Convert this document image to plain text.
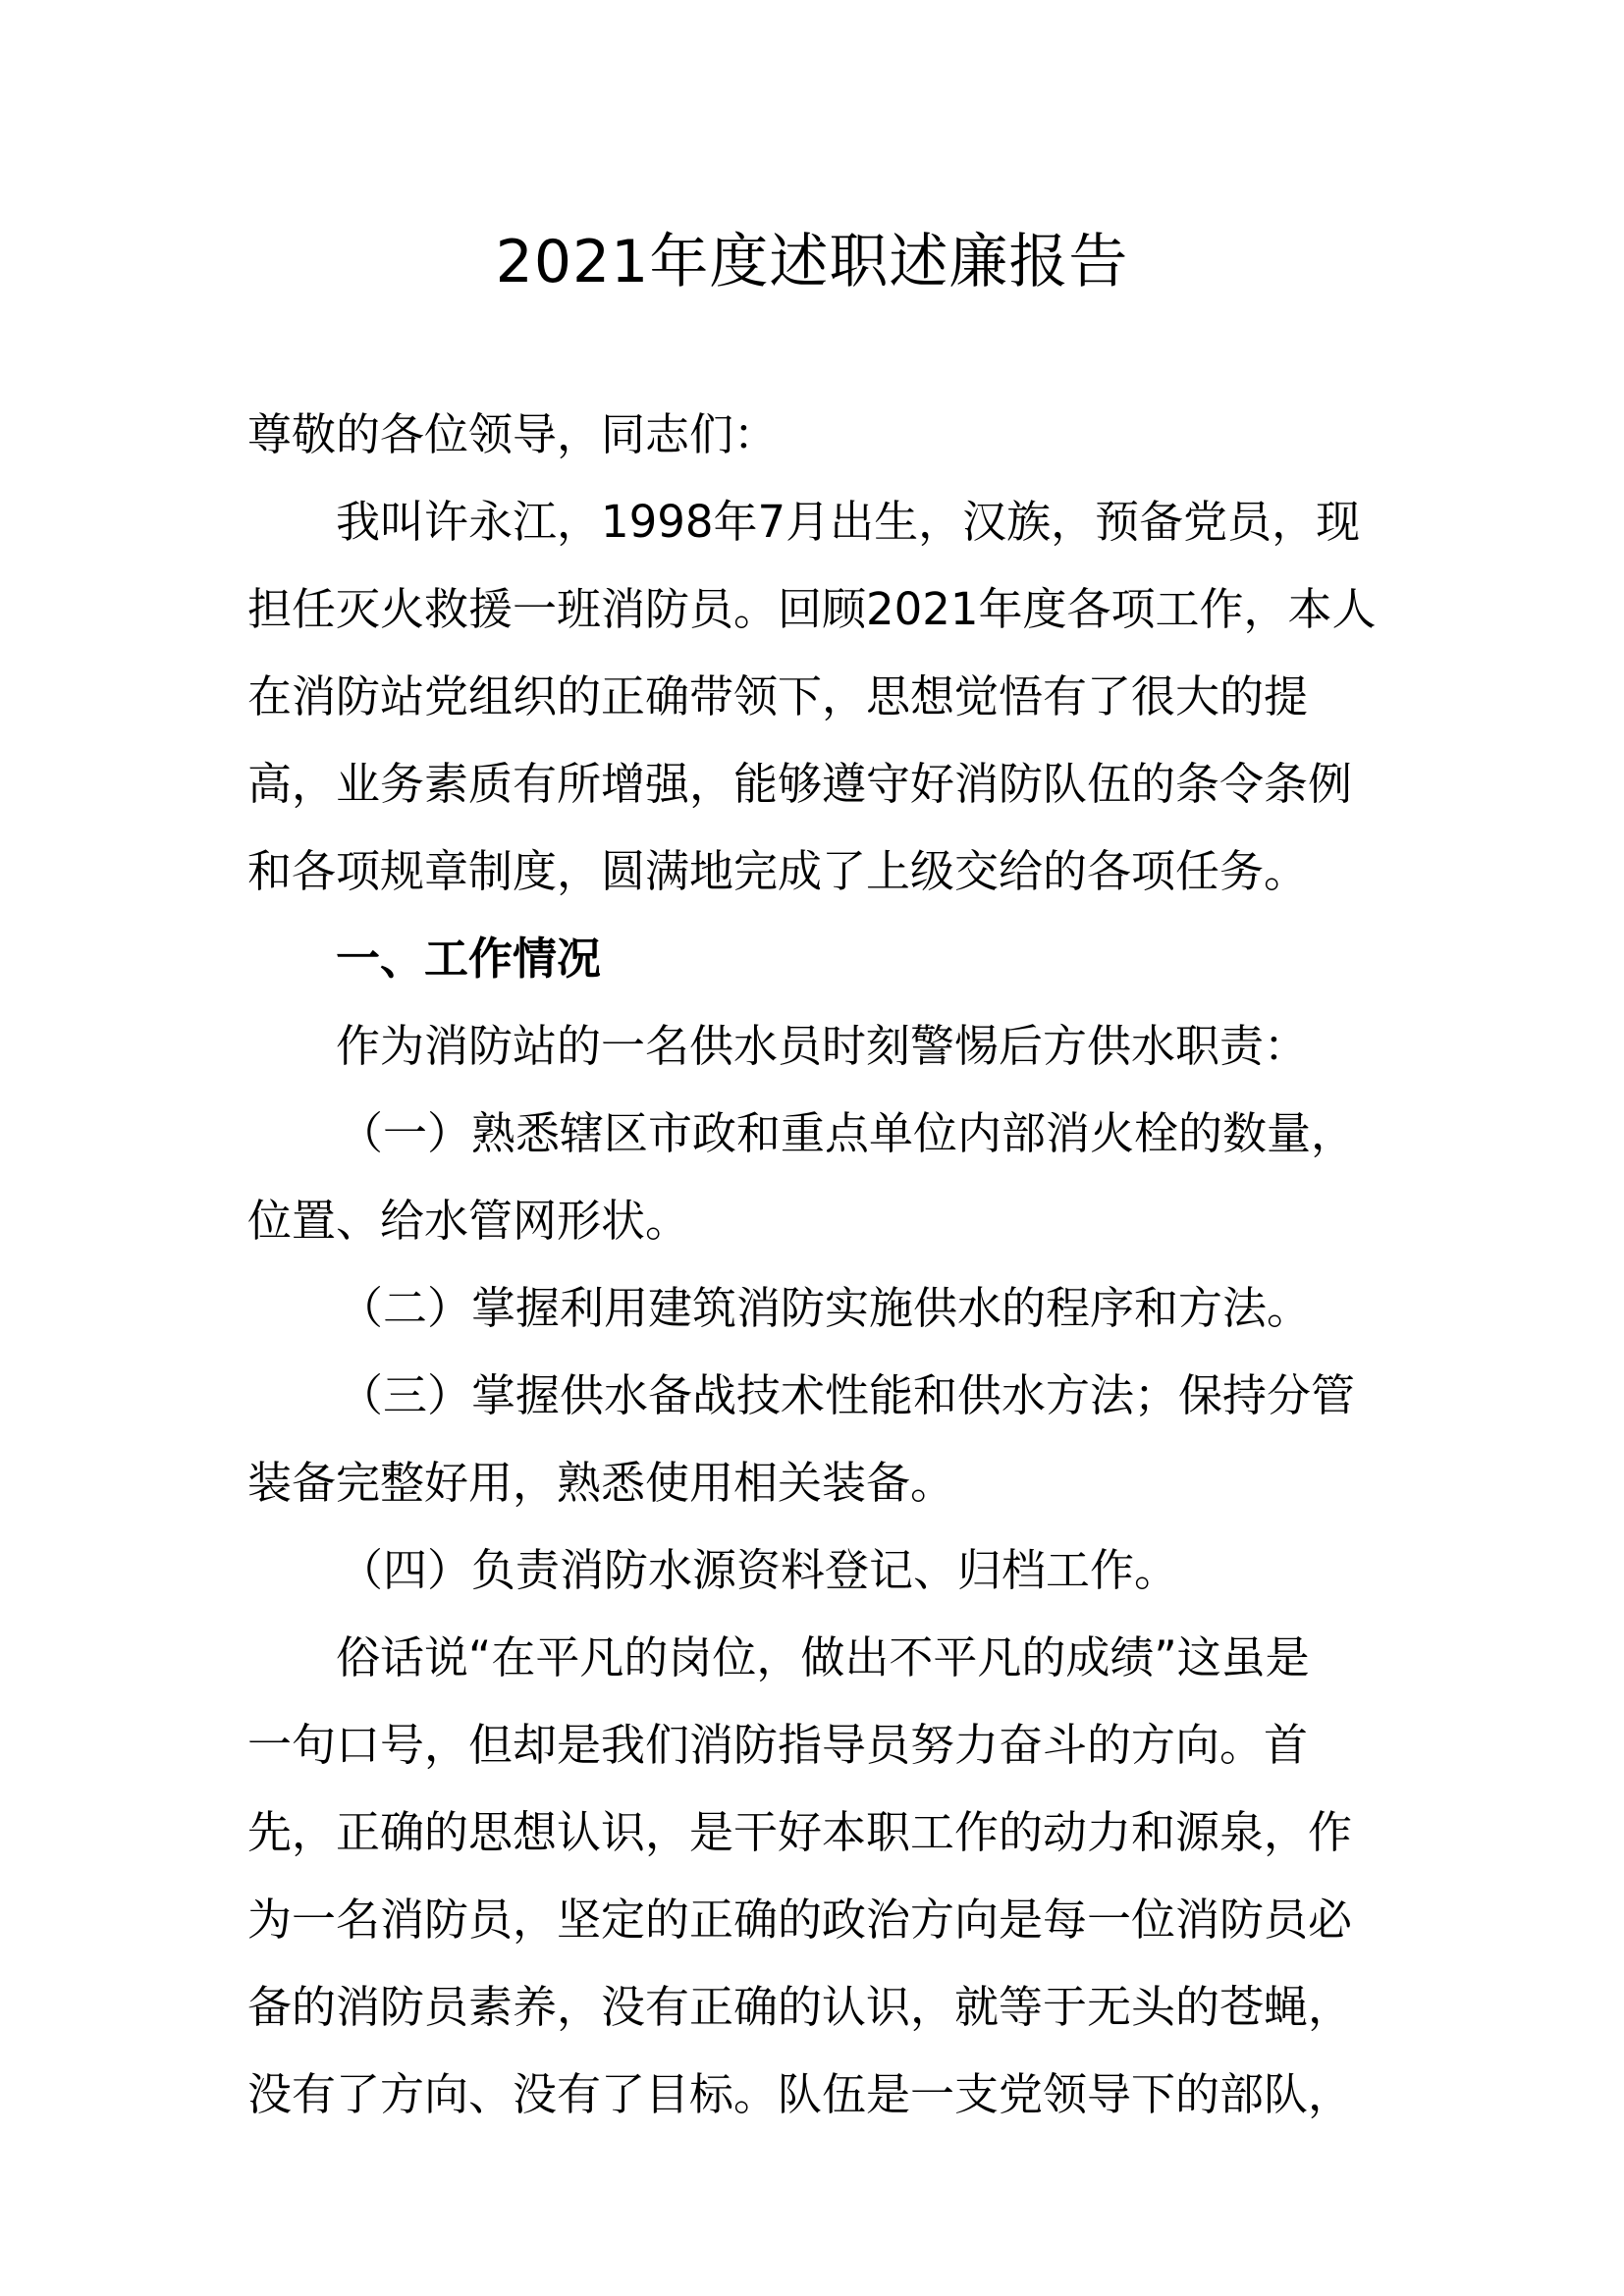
2021年度述职述廉报告
尊敬的各位领导，同志们：
我叫许永江，1998年7月出生，汉族，预备党员，现
担任灭火救援一班消防员。回顾2021年度各项工作，本人
在消防站党组织的正确带领下，思想觉悟有了很大的提
高，业务素质有所增强，能够遵守好消防队伍的条令条例
和各项规章制度，圆满地完成了上级交给的各项任务。
一、工作情况
作为消防站的一名供水员时刻警惕后方供水职责：
（一）熟悉辖区市政和重点单位内部消火栓的数量，
位置、给水管网形状。
（二）掌握利用建筑消防实施供水的程序和方法。
（三）掌握供水备战技术性能和供水方法；保持分管
装备完整好用，熟悉使用相关装备。
（四）负责消防水源资料登记、归档工作。
俗话说“在平凡的岗位，做出不平凡的成绩”这虽是
一句口号，但却是我们消防指导员努力奋斗的方向。首
先，正确的思想认识，是干好本职工作的动力和源泉，作
为一名消防员，坚定的正确的政治方向是每一位消防员必
备的消防员素养，没有正确的认识，就等于无头的苍蝇，
没有了方向、没有了目标。队伍是一支党领导下的部队，
